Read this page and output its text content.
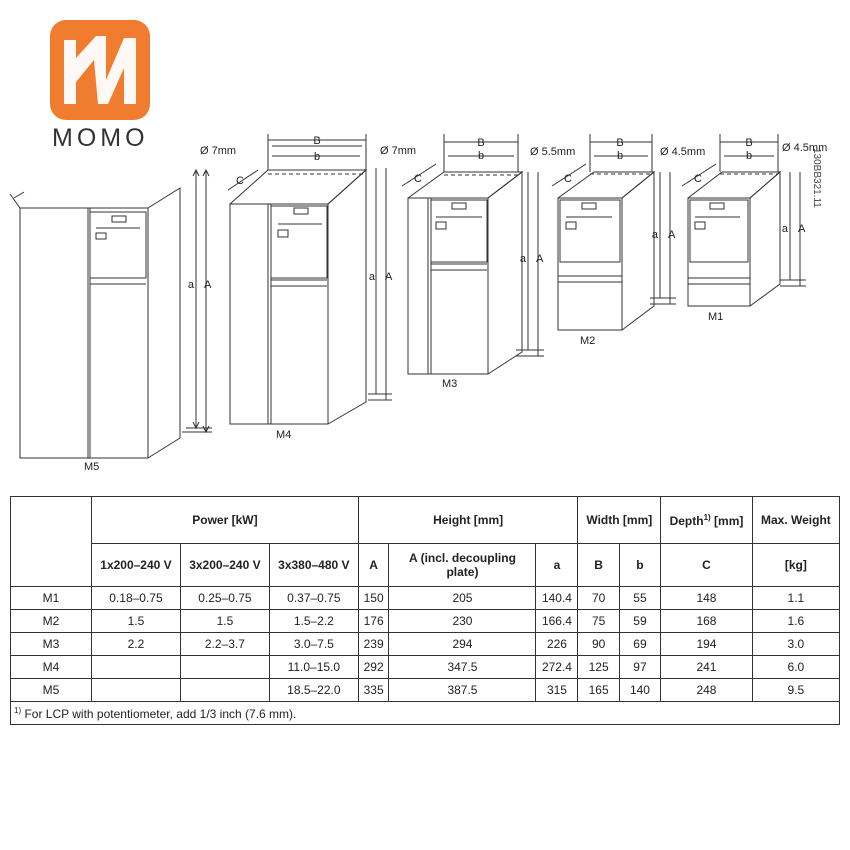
MOMO
a A
M5
Ø 7mm
B
b
C
a A
M4
Ø 7mm
B
b
C
a A
M3
Ø 5.5mm
B
b
C
a A
M2
Ø 4.5mm
B
b
C
a A
M1
Ø 4.5mm
130BB321.11
	Power [kW]			Height [mm]			Width [mm]		Depth$^{1)}$ [mm]	Max. Weight
	1x200–240 V	3x200–240 V	3x380–480 V	A	A (incl. decoupling plate)	a	B	b	C	[kg]
M1	0.18–0.75	0.25–0.75	0.37–0.75	150	205	140.4	70	55	148	1.1
M2	1.5	1.5	1.5–2.2	176	230	166.4	75	59	168	1.6
M3	2.2	2.2–3.7	3.0–7.5	239	294	226	90	69	194	3.0
M4			11.0–15.0	292	347.5	272.4	125	97	241	6.0
M5			18.5–22.0	335	387.5	315	165	140	248	9.5
$^{1)}$ For LCP with potentiometer, add 1/3 inch (7.6 mm).										
